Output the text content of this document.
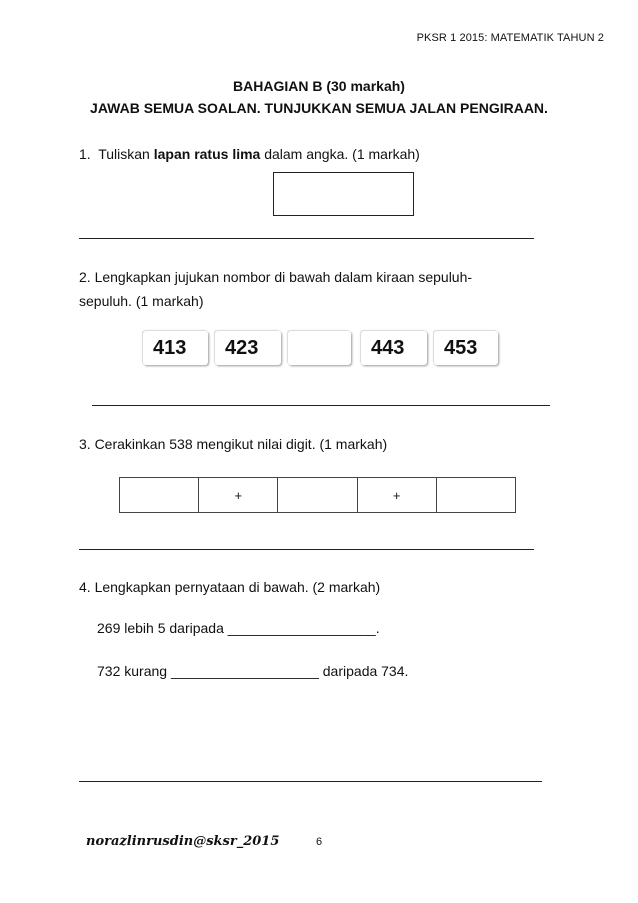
PKSR 1 2015: MATEMATIK TAHUN 2
BAHAGIAN B (30 markah)
JAWAB SEMUA SOALAN. TUNJUKKAN SEMUA JALAN PENGIRAAN.
1. Tuliskan lapan ratus lima dalam angka. (1 markah)
2. Lengkapkan jujukan nombor di bawah dalam kiraan sepuluh-
sepuluh. (1 markah)
413	423	443	453
3. Cerakinkan 538 mengikut nilai digit. (1 markah)
	+		+	
4. Lengkapkan pernyataan di bawah. (2 markah)
269 lebih 5 daripada ___________________.
732 kurang ___________________ daripada 734.
norazlinrusdin@sksr_2015	6
